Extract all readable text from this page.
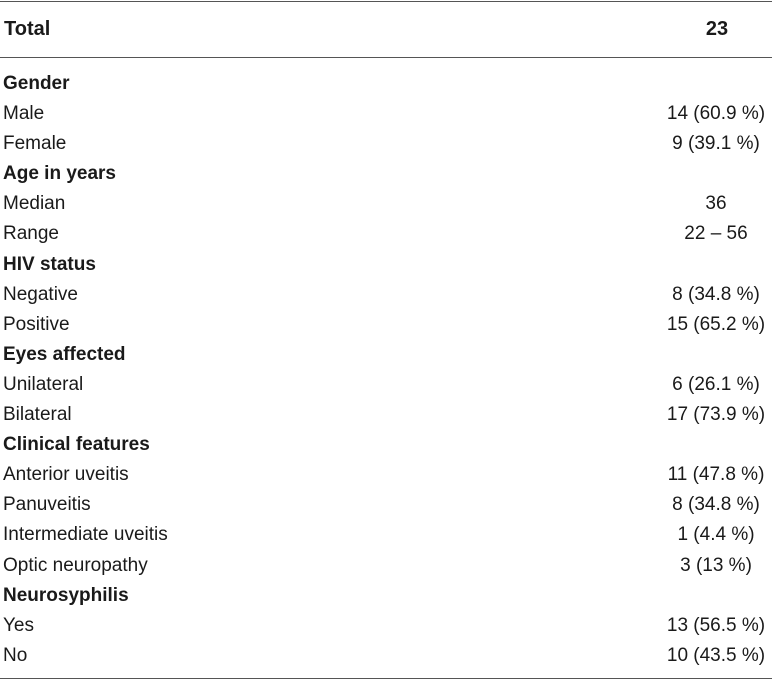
Total	23
Gender
Male	14 (60.9 %)
Female	9 (39.1 %)
Age in years
Median	36
Range	22 – 56
HIV status
Negative	8 (34.8 %)
Positive	15 (65.2 %)
Eyes affected
Unilateral	6 (26.1 %)
Bilateral	17 (73.9 %)
Clinical features
Anterior uveitis	11 (47.8 %)
Panuveitis	8 (34.8 %)
Intermediate uveitis	1 (4.4 %)
Optic neuropathy	3 (13 %)
Neurosyphilis
Yes	13 (56.5 %)
No	10 (43.5 %)
